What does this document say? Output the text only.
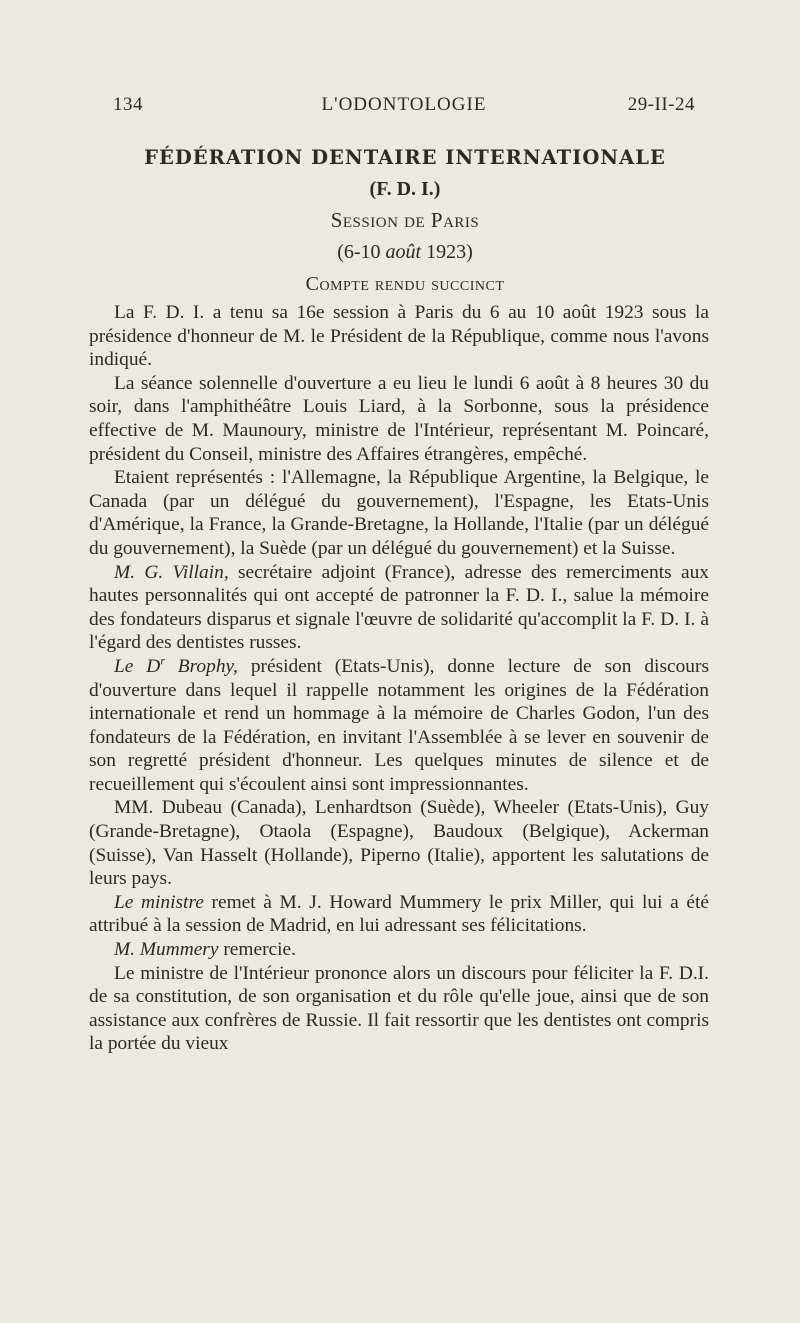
134	L'ODONTOLOGIE	29-II-24
FÉDÉRATION DENTAIRE INTERNATIONALE
(F. D. I.)
Session de Paris
(6-10 août 1923)
Compte rendu succinct

La F. D. I. a tenu sa 16e session à Paris du 6 au 10 août 1923 sous la présidence d'honneur de M. le Président de la République, comme nous l'avons indiqué.

La séance solennelle d'ouverture a eu lieu le lundi 6 août à 8 heures 30 du soir, dans l'amphithéâtre Louis Liard, à la Sorbonne, sous la présidence effective de M. Maunoury, ministre de l'Intérieur, représentant M. Poincaré, président du Conseil, ministre des Affaires étrangères, empêché.

Etaient représentés : l'Allemagne, la République Argentine, la Belgique, le Canada (par un délégué du gouvernement), l'Espagne, les Etats-Unis d'Amérique, la France, la Grande-Bretagne, la Hollande, l'Italie (par un délégué du gouvernement), la Suède (par un délégué du gouvernement) et la Suisse.

M. G. Villain, secrétaire adjoint (France), adresse des remerciments aux hautes personnalités qui ont accepté de patronner la F. D. I., salue la mémoire des fondateurs disparus et signale l'œuvre de solidarité qu'accomplit la F. D. I. à l'égard des dentistes russes.

Le $D^r$ Brophy, président (Etats-Unis), donne lecture de son discours d'ouverture dans lequel il rappelle notamment les origines de la Fédération internationale et rend un hommage à la mémoire de Charles Godon, l'un des fondateurs de la Fédération, en invitant l'Assemblée à se lever en souvenir de son regretté président d'honneur. Les quelques minutes de silence et de recueillement qui s'écoulent ainsi sont impressionnantes.

MM. Dubeau (Canada), Lenhardtson (Suède), Wheeler (Etats-Unis), Guy (Grande-Bretagne), Otaola (Espagne), Baudoux (Belgique), Ackerman (Suisse), Van Hasselt (Hollande), Piperno (Italie), apportent les salutations de leurs pays.

Le ministre remet à M. J. Howard Mummery le prix Miller, qui lui a été attribué à la session de Madrid, en lui adressant ses félicitations.

M. Mummery remercie.

Le ministre de l'Intérieur prononce alors un discours pour féliciter la F. D.I. de sa constitution, de son organisation et du rôle qu'elle joue, ainsi que de son assistance aux confrères de Russie. Il fait ressortir que les dentistes ont compris la portée du vieux
